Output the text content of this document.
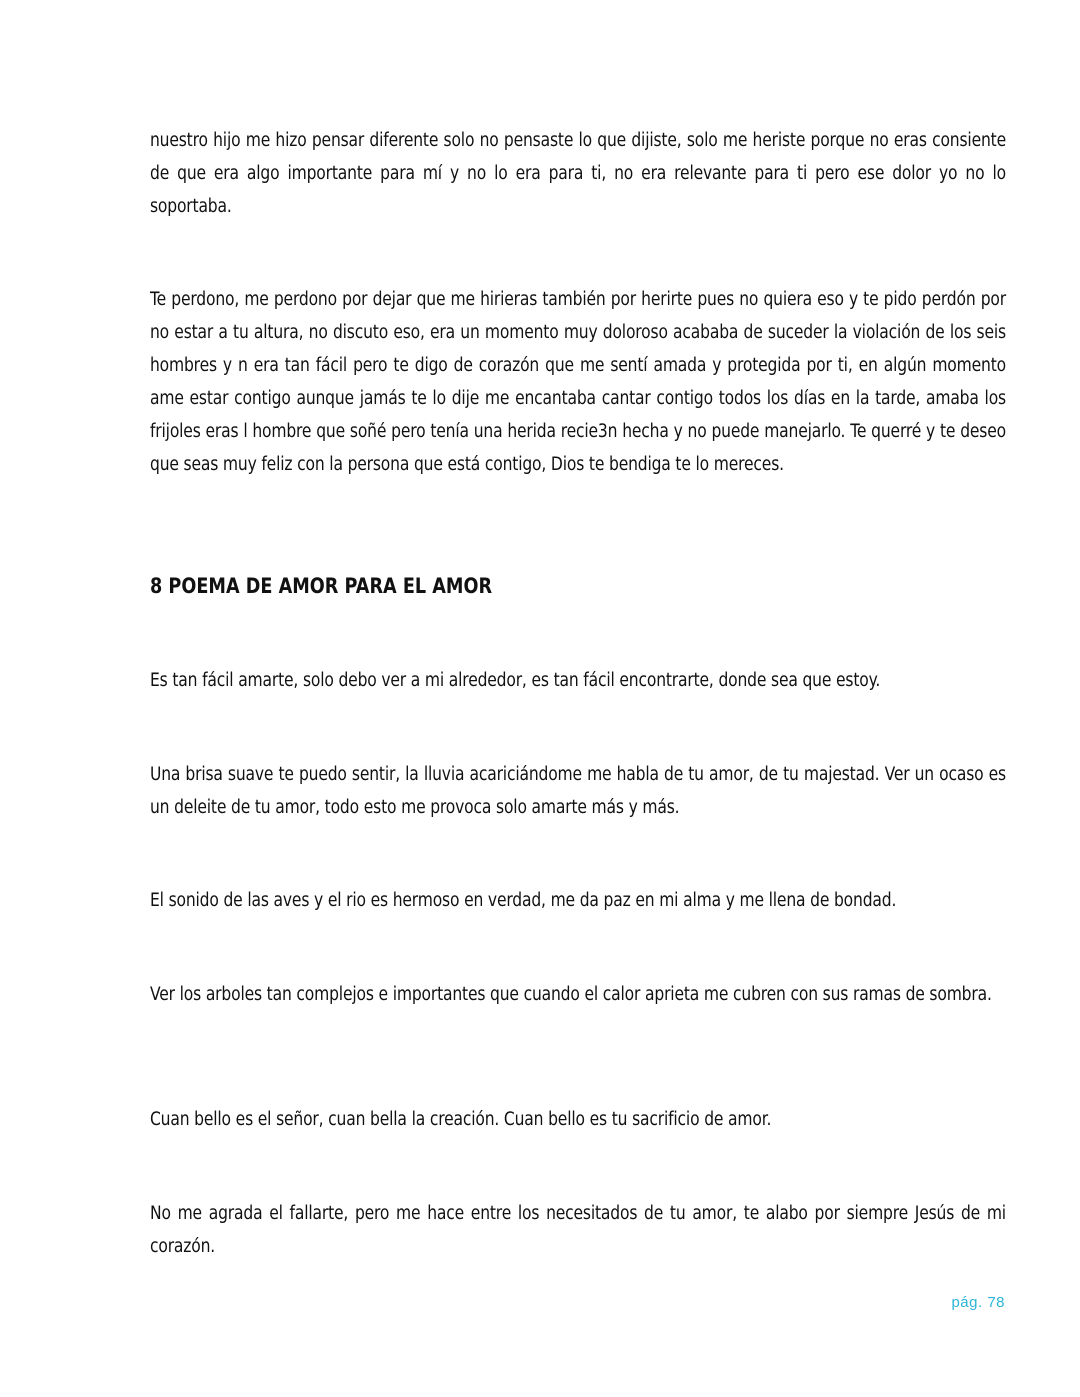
nuestro hijo me hizo pensar diferente solo no pensaste lo que dijiste, solo me heriste porque no eras consiente de que era algo importante para mí y no lo era para ti, no era relevante para ti pero ese dolor yo no lo soportaba.

Te perdono, me perdono por dejar que me hirieras también por herirte pues no quiera eso y te pido perdón por no estar a tu altura, no discuto eso, era un momento muy doloroso acababa de suceder la violación de los seis hombres y n era tan fácil pero te digo de corazón que me sentí amada y protegida por ti, en algún momento ame estar contigo aunque jamás te lo dije me encantaba cantar contigo todos los días en la tarde, amaba los frijoles eras l hombre que soñé pero tenía una herida recie3n hecha y no puede manejarlo. Te querré y te deseo que seas muy feliz con la persona que está contigo, Dios te bendiga te lo mereces.

8 POEMA DE AMOR PARA EL AMOR

Es tan fácil amarte, solo debo ver a mi alrededor, es tan fácil encontrarte, donde sea que estoy.

Una brisa suave te puedo sentir, la lluvia acariciándome me habla de tu amor, de tu majestad. Ver un ocaso es un deleite de tu amor, todo esto me provoca solo amarte más y más.

El sonido de las aves y el rio es hermoso en verdad, me da paz en mi alma y me llena de bondad.

Ver los arboles tan complejos e importantes que cuando el calor aprieta me cubren con sus ramas de sombra.

Cuan bello es el señor, cuan bella la creación. Cuan bello es tu sacrificio de amor.

No me agrada el fallarte, pero me hace entre los necesitados de tu amor, te alabo por siempre Jesús de mi corazón.

pág. 78
